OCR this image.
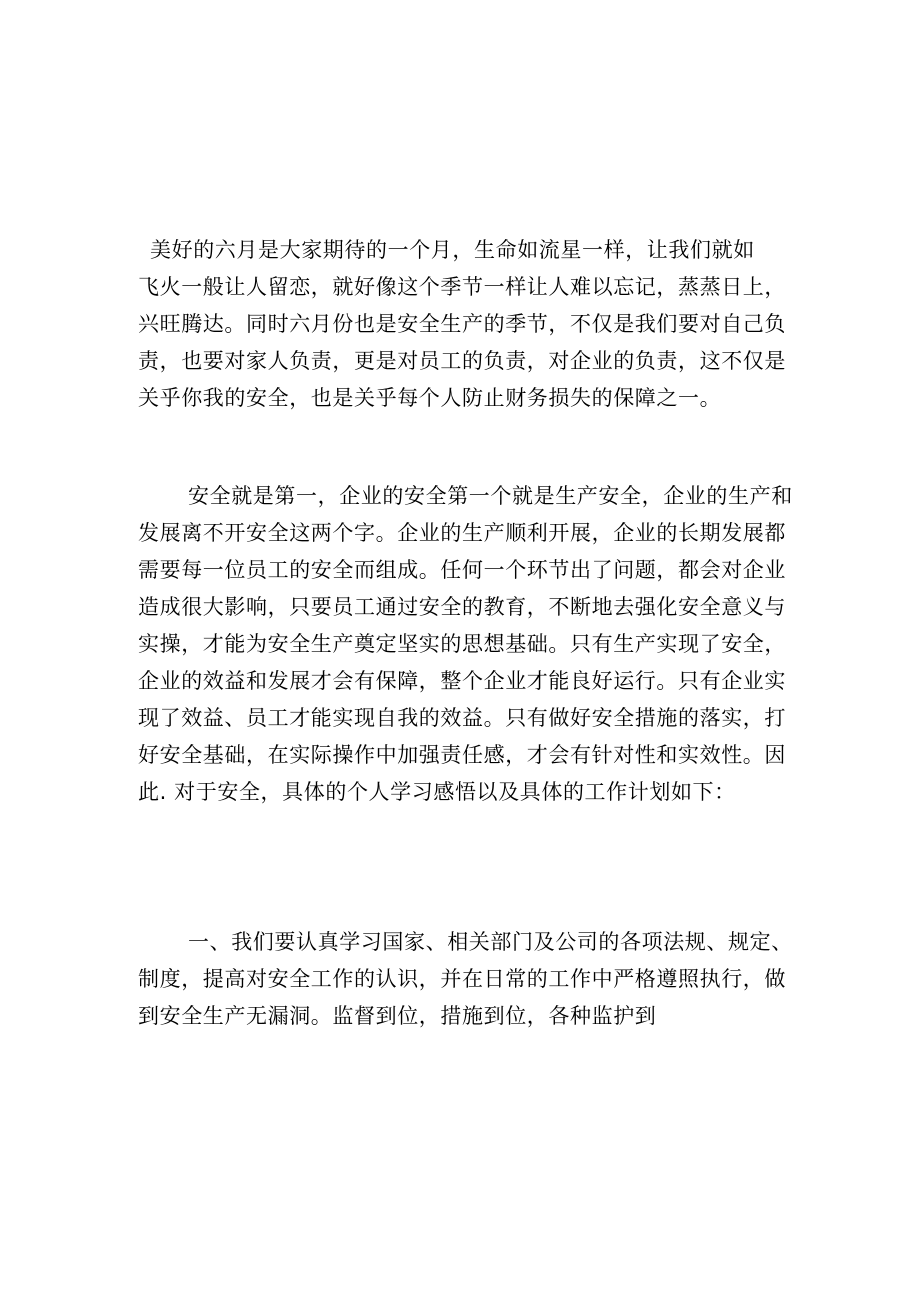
美好的六月是大家期待的一个月，生命如流星一样，让我们就如
飞火一般让人留恋，就好像这个季节一样让人难以忘记，蒸蒸日上，
兴旺腾达。同时六月份也是安全生产的季节，不仅是我们要对自己负
责，也要对家人负责，更是对员工的负责，对企业的负责，这不仅是
关乎你我的安全，也是关乎每个人防止财务损失的保障之一。
安全就是第一，企业的安全第一个就是生产安全，企业的生产和
发展离不开安全这两个字。企业的生产顺利开展，企业的长期发展都
需要每一位员工的安全而组成。任何一个环节出了问题，都会对企业
造成很大影响，只要员工通过安全的教育，不断地去强化安全意义与
实操，才能为安全生产奠定坚实的思想基础。只有生产实现了安全，
企业的效益和发展才会有保障，整个企业才能良好运行。只有企业实
现了效益、员工才能实现自我的效益。只有做好安全措施的落实，打
好安全基础，在实际操作中加强责任感，才会有针对性和实效性。因
此. 对于安全，具体的个人学习感悟以及具体的工作计划如下：
一、我们要认真学习国家、相关部门及公司的各项法规、规定、
制度，提高对安全工作的认识，并在日常的工作中严格遵照执行，做
到安全生产无漏洞。监督到位，措施到位，各种监护到
